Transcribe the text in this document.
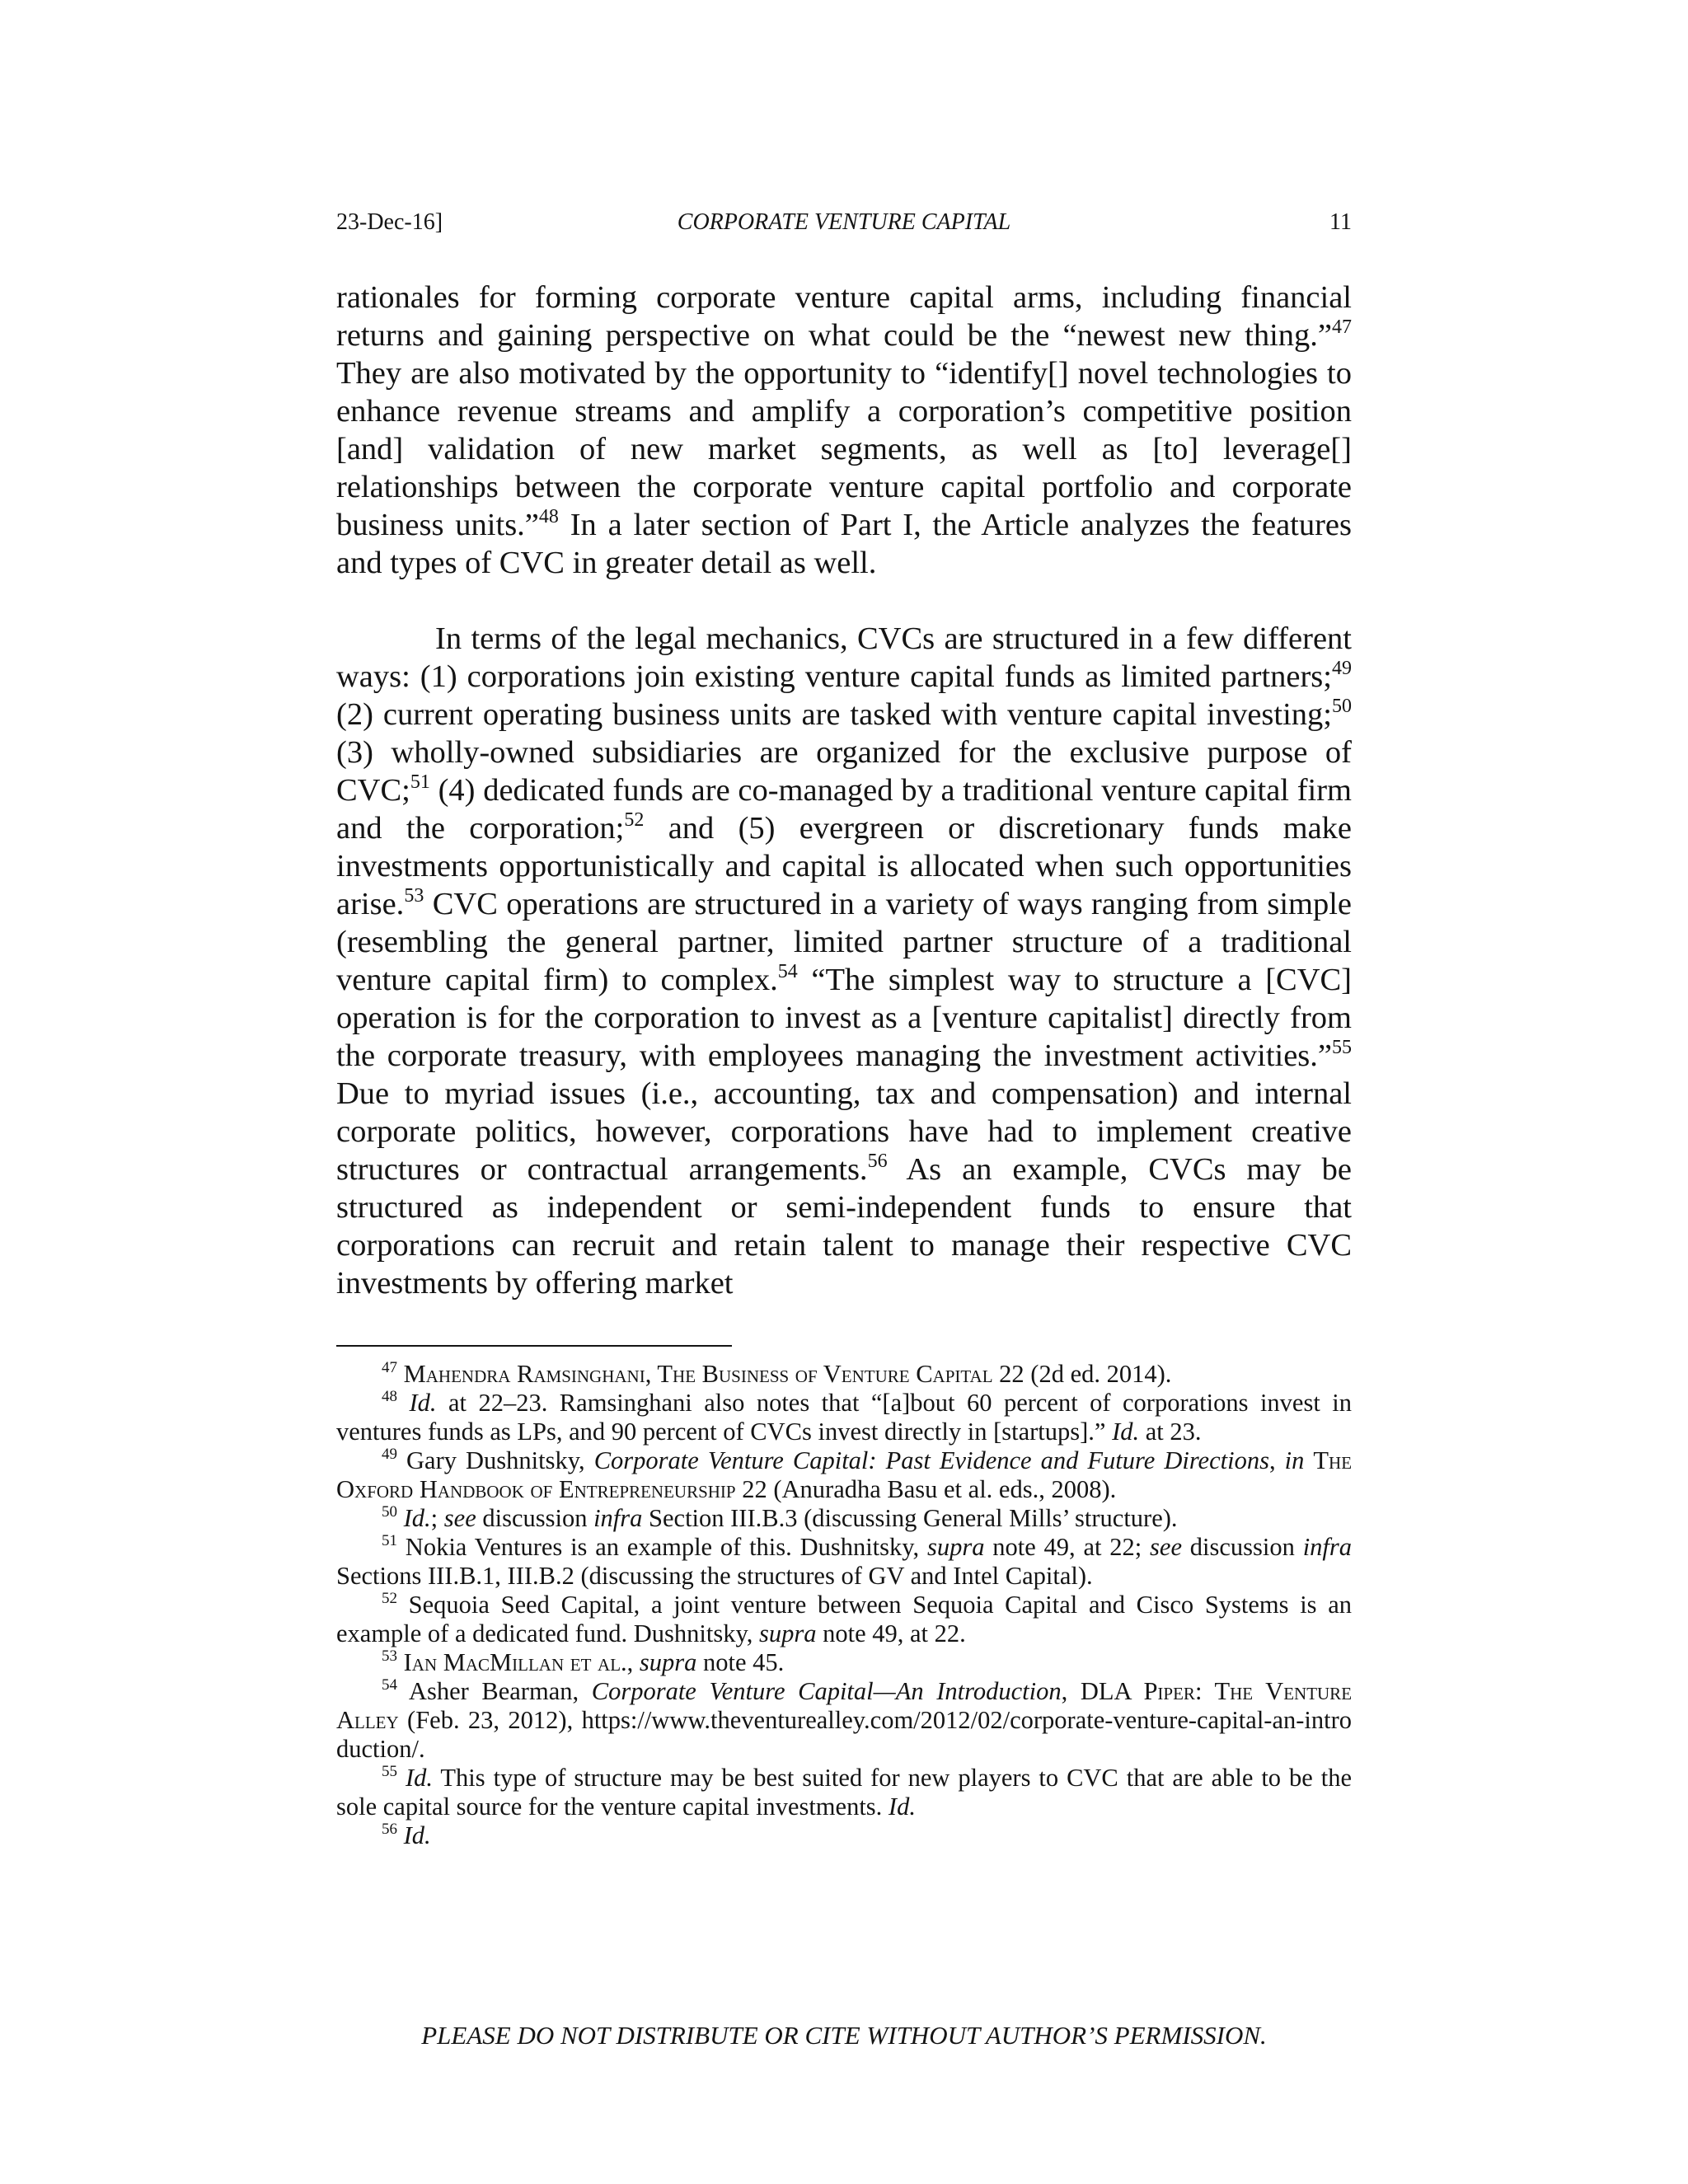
23-Dec-16]	CORPORATE VENTURE CAPITAL	11

rationales for forming corporate venture capital arms, including financial returns and gaining perspective on what could be the “newest new thing.”$^{47}$ They are also motivated by the opportunity to “identify[] novel technologies to enhance revenue streams and amplify a corporation’s competitive position [and] validation of new market segments, as well as [to] leverage[] relationships between the corporate venture capital portfolio and corporate business units.”$^{48}$ In a later section of Part I, the Article analyzes the features and types of CVC in greater detail as well.

In terms of the legal mechanics, CVCs are structured in a few different ways: (1) corporations join existing venture capital funds as limited partners;$^{49}$ (2) current operating business units are tasked with venture capital investing;$^{50}$ (3) wholly-owned subsidiaries are organized for the exclusive purpose of CVC;$^{51}$ (4) dedicated funds are co-managed by a traditional venture capital firm and the corporation;$^{52}$ and (5) evergreen or discretionary funds make investments opportunistically and capital is allocated when such opportunities arise.$^{53}$ CVC operations are structured in a variety of ways ranging from simple (resembling the general partner, limited partner structure of a traditional venture capital firm) to complex.$^{54}$ “The simplest way to structure a [CVC] operation is for the corporation to invest as a [venture capitalist] directly from the corporate treasury, with employees managing the investment activities.”$^{55}$ Due to myriad issues (i.e., accounting, tax and compensation) and internal corporate politics, however, corporations have had to implement creative structures or contractual arrangements.$^{56}$ As an example, CVCs may be structured as independent or semi-independent funds to ensure that corporations can recruit and retain talent to manage their respective CVC investments by offering market

$^{47}$ Mahendra Ramsinghani, The Business of Venture Capital 22 (2d ed. 2014).

$^{48}$ Id. at 22–23. Ramsinghani also notes that “[a]bout 60 percent of corporations invest in ventures funds as LPs, and 90 percent of CVCs invest directly in [startups].” Id. at 23.

$^{49}$ Gary Dushnitsky, Corporate Venture Capital: Past Evidence and Future Directions, in The Oxford Handbook of Entrepreneurship 22 (Anuradha Basu et al. eds., 2008).

$^{50}$ Id.; see discussion infra Section III.B.3 (discussing General Mills’ structure).

$^{51}$ Nokia Ventures is an example of this. Dushnitsky, supra note 49, at 22; see discussion infra Sections III.B.1, III.B.2 (discussing the structures of GV and Intel Capital).

$^{52}$ Sequoia Seed Capital, a joint venture between Sequoia Capital and Cisco Systems is an example of a dedicated fund. Dushnitsky, supra note 49, at 22.

$^{53}$ Ian MacMillan et al., supra note 45.

$^{54}$ Asher Bearman, Corporate Venture Capital—An Introduction, DLA Piper: The Venture Alley (Feb. 23, 2012), https://www.theventurealley.com/2012/02/corporate-venture-capital-an-introduction/.

$^{55}$ Id. This type of structure may be best suited for new players to CVC that are able to be the sole capital source for the venture capital investments. Id.

$^{56}$ Id.

PLEASE DO NOT DISTRIBUTE OR CITE WITHOUT AUTHOR’S PERMISSION.
